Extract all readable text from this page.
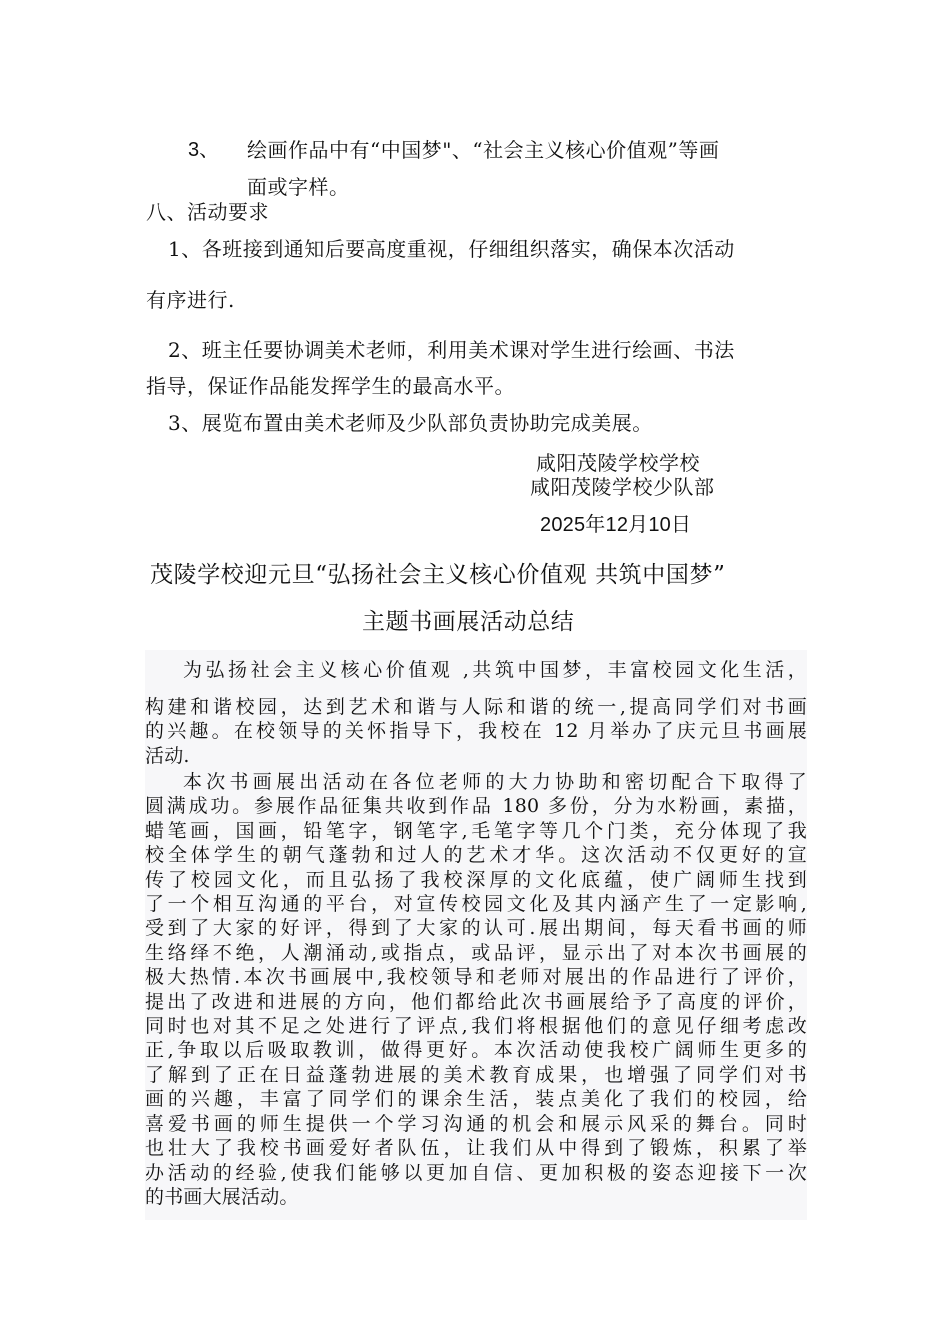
3、 绘画作品中有“中国梦"、“社会主义核心价值观”等画
面或字样。
八、活动要求
1、各班接到通知后要高度重视，仔细组织落实，确保本次活动
有序进行.
2、班主任要协调美术老师，利用美术课对学生进行绘画、书法
指导，保证作品能发挥学生的最高水平。
3、展览布置由美术老师及少队部负责协助完成美展。
咸阳茂陵学校学校
咸阳茂陵学校少队部
2025年12月10日
茂陵学校迎元旦“弘扬社会主义核心价值观 共筑中国梦”
主题书画展活动总结
为弘扬社会主义核心价值观 ,共筑中国梦，丰富校园文化生活，
构建和谐校园，达到艺术和谐与人际和谐的统一,提高同学们对书画
的兴趣。在校领导的关怀指导下，我校在 12 月举办了庆元旦书画展
活动.
本次书画展出活动在各位老师的大力协助和密切配合下取得了
圆满成功。参展作品征集共收到作品 180 多份，分为水粉画，素描，
蜡笔画，国画，铅笔字，钢笔字,毛笔字等几个门类，充分体现了我
校全体学生的朝气蓬勃和过人的艺术才华。这次活动不仅更好的宣
传了校园文化，而且弘扬了我校深厚的文化底蕴，使广阔师生找到
了一个相互沟通的平台，对宣传校园文化及其内涵产生了一定影响,
受到了大家的好评，得到了大家的认可.展出期间，每天看书画的师
生络绎不绝，人潮涌动,或指点，或品评，显示出了对本次书画展的
极大热情.本次书画展中,我校领导和老师对展出的作品进行了评价，
提出了改进和进展的方向，他们都给此次书画展给予了高度的评价，
同时也对其不足之处进行了评点,我们将根据他们的意见仔细考虑改
正,争取以后吸取教训，做得更好。本次活动使我校广阔师生更多的
了解到了正在日益蓬勃进展的美术教育成果，也增强了同学们对书
画的兴趣，丰富了同学们的课余生活，装点美化了我们的校园，给
喜爱书画的师生提供一个学习沟通的机会和展示风采的舞台。同时
也壮大了我校书画爱好者队伍，让我们从中得到了锻炼，积累了举
办活动的经验,使我们能够以更加自信、更加积极的姿态迎接下一次
的书画大展活动。
